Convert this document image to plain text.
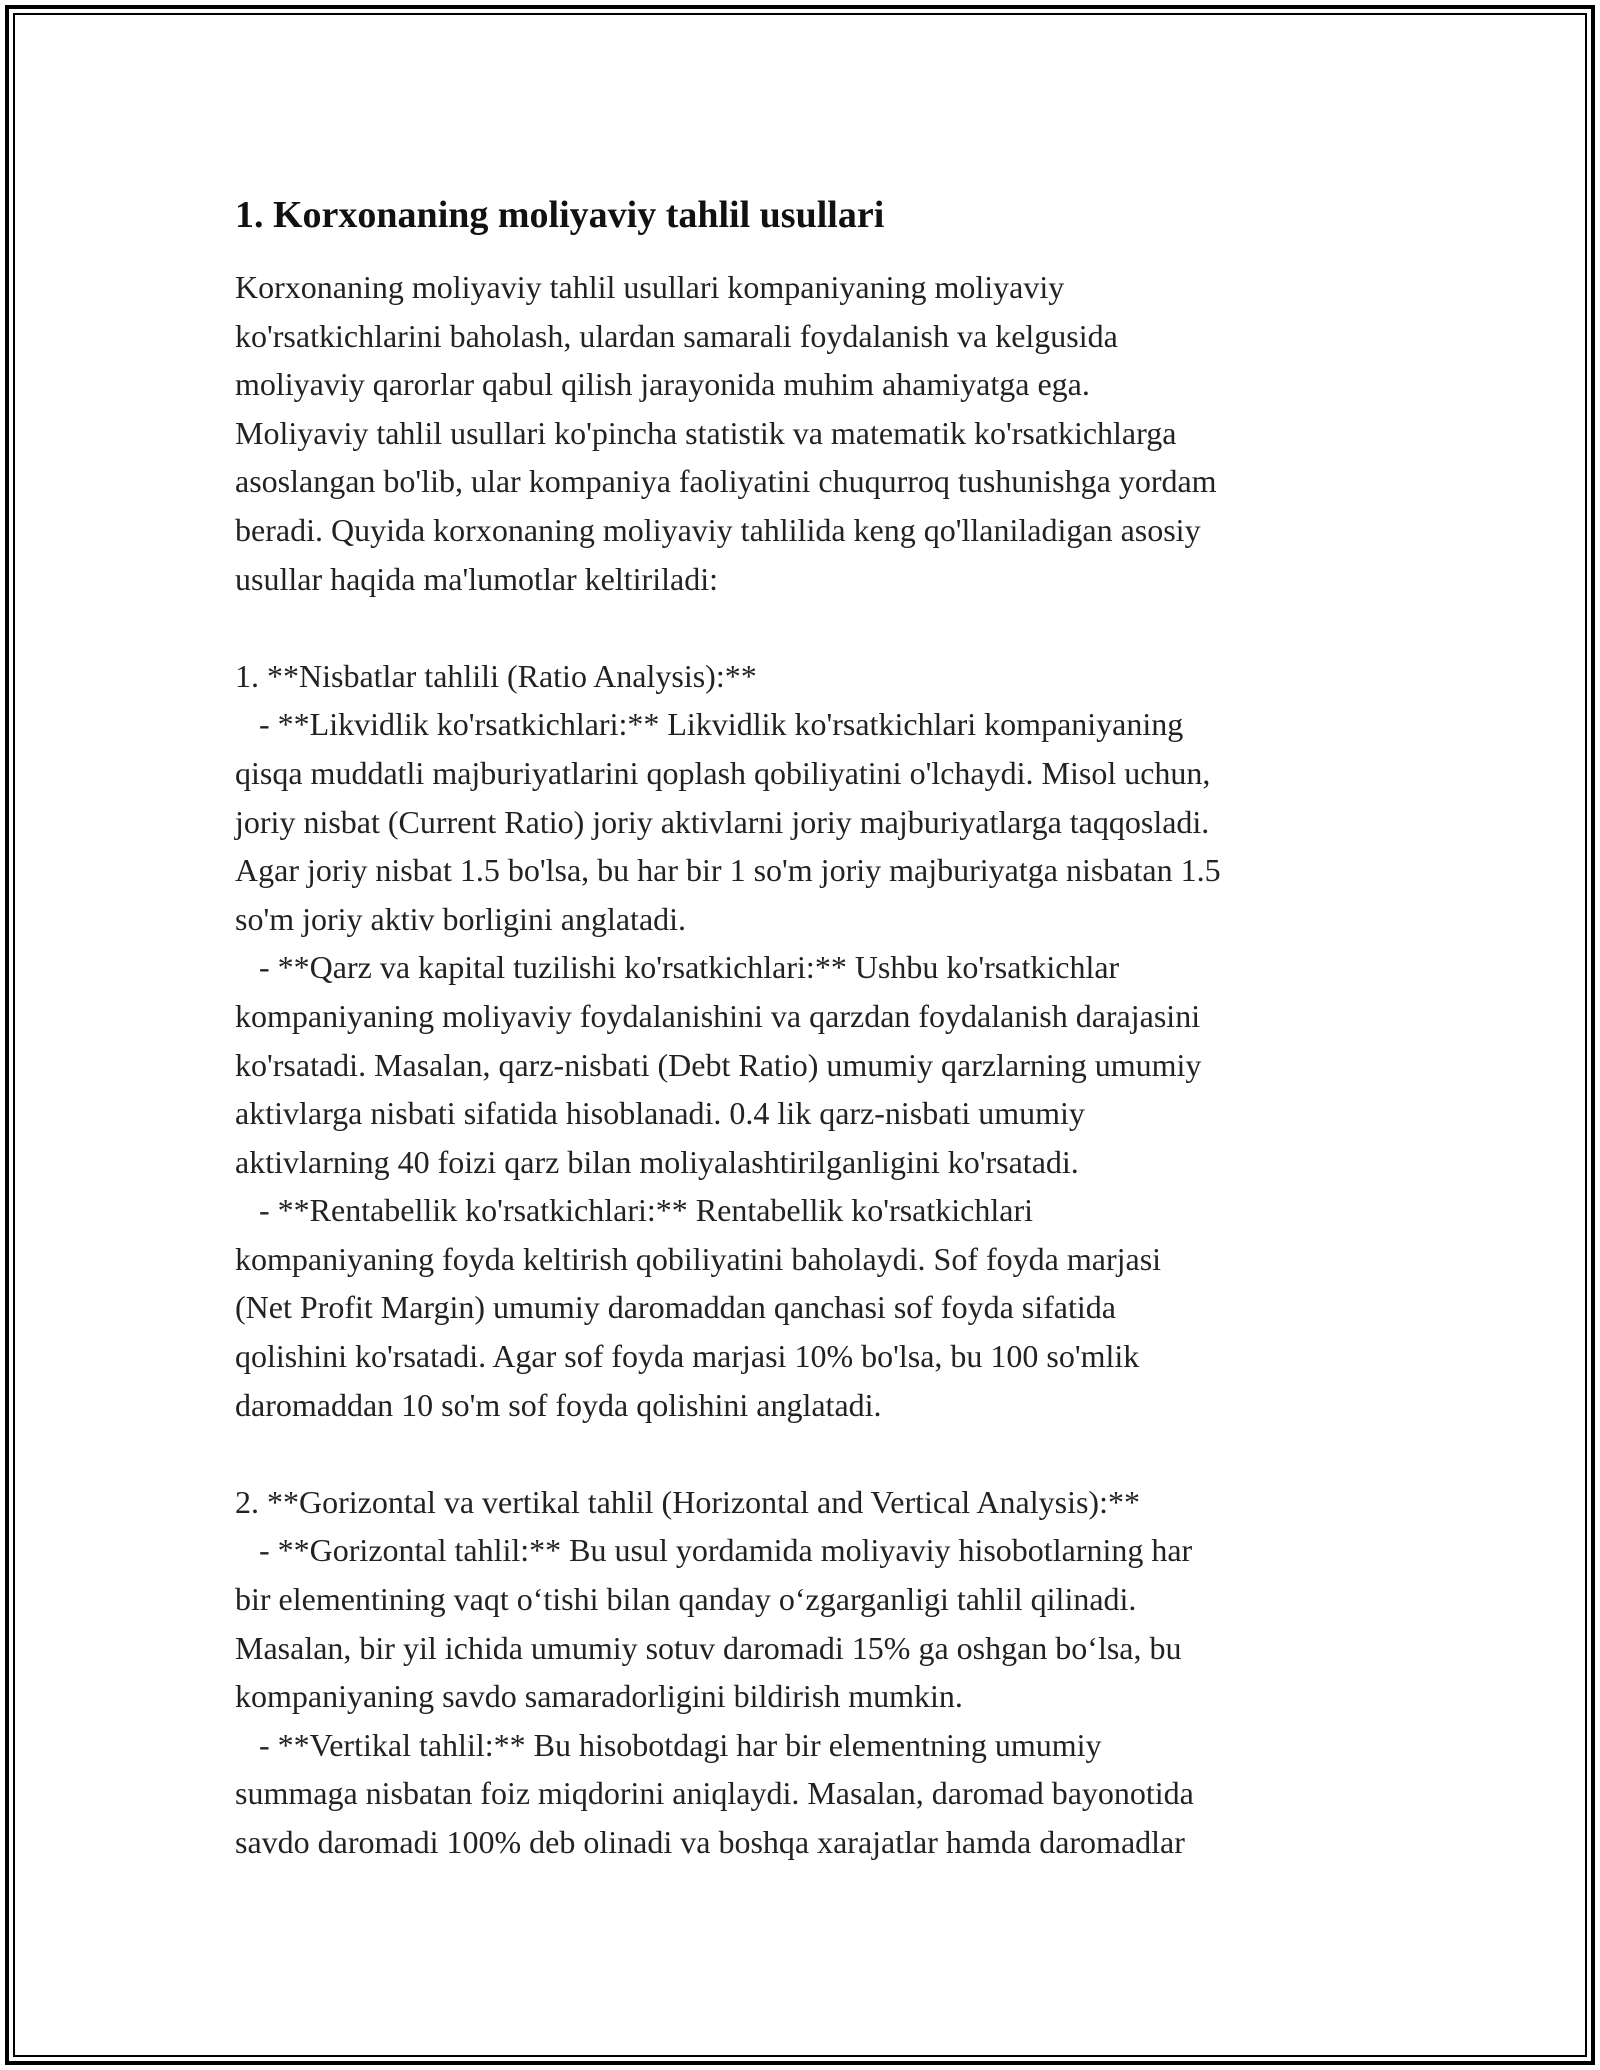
1. Korxonaning moliyaviy tahlil usullari
Korxonaning moliyaviy tahlil usullari kompaniyaning moliyaviy
ko'rsatkichlarini baholash, ulardan samarali foydalanish va kelgusida
moliyaviy qarorlar qabul qilish jarayonida muhim ahamiyatga ega.
Moliyaviy tahlil usullari ko'pincha statistik va matematik ko'rsatkichlarga
asoslangan bo'lib, ular kompaniya faoliyatini chuqurroq tushunishga yordam
beradi. Quyida korxonaning moliyaviy tahlilida keng qo'llaniladigan asosiy
usullar haqida ma'lumotlar keltiriladi:
1. **Nisbatlar tahlili (Ratio Analysis):**
- **Likvidlik ko'rsatkichlari:** Likvidlik ko'rsatkichlari kompaniyaning
qisqa muddatli majburiyatlarini qoplash qobiliyatini o'lchaydi. Misol uchun,
joriy nisbat (Current Ratio) joriy aktivlarni joriy majburiyatlarga taqqosladi.
Agar joriy nisbat 1.5 bo'lsa, bu har bir 1 so'm joriy majburiyatga nisbatan 1.5
so'm joriy aktiv borligini anglatadi.
- **Qarz va kapital tuzilishi ko'rsatkichlari:** Ushbu ko'rsatkichlar
kompaniyaning moliyaviy foydalanishini va qarzdan foydalanish darajasini
ko'rsatadi. Masalan, qarz-nisbati (Debt Ratio) umumiy qarzlarning umumiy
aktivlarga nisbati sifatida hisoblanadi. 0.4 lik qarz-nisbati umumiy
aktivlarning 40 foizi qarz bilan moliyalashtirilganligini ko'rsatadi.
- **Rentabellik ko'rsatkichlari:** Rentabellik ko'rsatkichlari
kompaniyaning foyda keltirish qobiliyatini baholaydi. Sof foyda marjasi
(Net Profit Margin) umumiy daromaddan qanchasi sof foyda sifatida
qolishini ko'rsatadi. Agar sof foyda marjasi 10% bo'lsa, bu 100 so'mlik
daromaddan 10 so'm sof foyda qolishini anglatadi.
2. **Gorizontal va vertikal tahlil (Horizontal and Vertical Analysis):**
- **Gorizontal tahlil:** Bu usul yordamida moliyaviy hisobotlarning har
bir elementining vaqt o‘tishi bilan qanday o‘zgarganligi tahlil qilinadi.
Masalan, bir yil ichida umumiy sotuv daromadi 15% ga oshgan bo‘lsa, bu
kompaniyaning savdo samaradorligini bildirish mumkin.
- **Vertikal tahlil:** Bu hisobotdagi har bir elementning umumiy
summaga nisbatan foiz miqdorini aniqlaydi. Masalan, daromad bayonotida
savdo daromadi 100% deb olinadi va boshqa xarajatlar hamda daromadlar
